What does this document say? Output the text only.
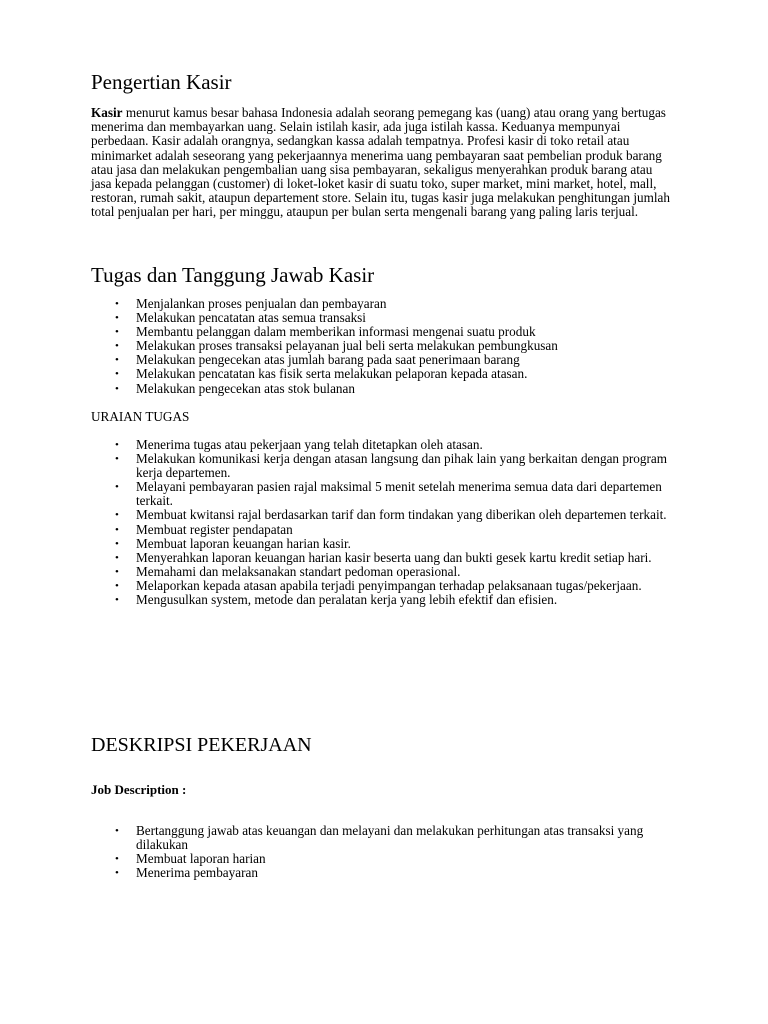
Pengertian Kasir

Kasir menurut kamus besar bahasa Indonesia adalah seorang pemegang kas (uang) atau orang yang bertugas menerima dan membayarkan uang. Selain istilah kasir, ada juga istilah kassa. Keduanya mempunyai perbedaan. Kasir adalah orangnya, sedangkan kassa adalah tempatnya. Profesi kasir di toko retail atau minimarket adalah seseorang yang pekerjaannya menerima uang pembayaran saat pembelian produk barang atau jasa dan melakukan pengembalian uang sisa pembayaran, sekaligus menyerahkan produk barang atau jasa kepada pelanggan (customer) di loket-loket kasir di suatu toko, super market, mini market, hotel, mall, restoran, rumah sakit, ataupun departement store. Selain itu, tugas kasir juga melakukan penghitungan jumlah total penjualan per hari, per minggu, ataupun per bulan serta mengenali barang yang paling laris terjual.

Tugas dan Tanggung Jawab Kasir
• Menjalankan proses penjualan dan pembayaran
• Melakukan pencatatan atas semua transaksi
• Membantu pelanggan dalam memberikan informasi mengenai suatu produk
• Melakukan proses transaksi pelayanan jual beli serta melakukan pembungkusan
• Melakukan pengecekan atas jumlah barang pada saat penerimaan barang
• Melakukan pencatatan kas fisik serta melakukan pelaporan kepada atasan.
• Melakukan pengecekan atas stok bulanan
URAIAN TUGAS
• Menerima tugas atau pekerjaan yang telah ditetapkan oleh atasan.
• Melakukan komunikasi kerja dengan atasan langsung dan pihak lain yang berkaitan dengan program kerja departemen.
• Melayani pembayaran pasien rajal maksimal 5 menit setelah menerima semua data dari departemen terkait.
• Membuat kwitansi rajal berdasarkan tarif dan form tindakan yang diberikan oleh departemen terkait.
• Membuat register pendapatan
• Membuat laporan keuangan harian kasir.
• Menyerahkan laporan keuangan harian kasir beserta uang dan bukti gesek kartu kredit setiap hari.
• Memahami dan melaksanakan standart pedoman operasional.
• Melaporkan kepada atasan apabila terjadi penyimpangan terhadap pelaksanaan tugas/pekerjaan.
• Mengusulkan system, metode dan peralatan kerja yang lebih efektif dan efisien.
DESKRIPSI PEKERJAAN
Job Description :
• Bertanggung jawab atas keuangan dan melayani dan melakukan perhitungan atas transaksi yang dilakukan
• Membuat laporan harian
• Menerima pembayaran
